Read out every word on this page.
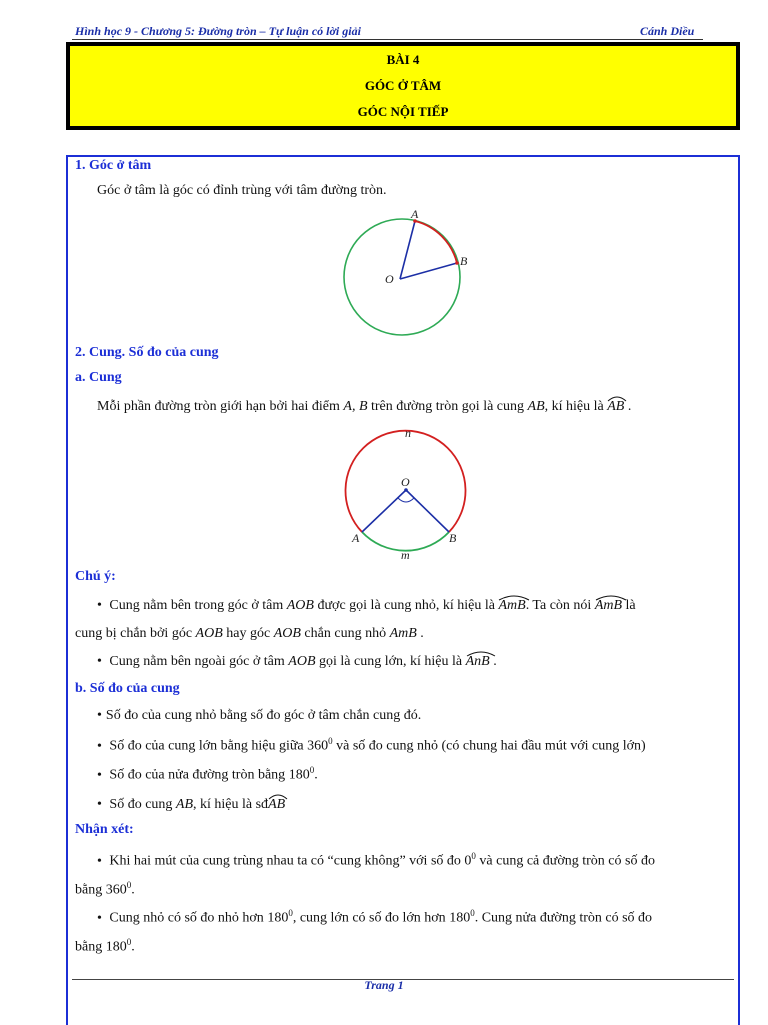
Hình học 9 - Chương 5: Đường tròn – Tự luận có lời giải	Cánh Diều
BÀI 4
GÓC Ở TÂM
GÓC NỘI TIẾP
1. Góc ở tâm
Góc ở tâm là góc có đỉnh trùng với tâm đường tròn.
A
B
O
2. Cung. Số đo của cung
a. Cung
Mỗi phần đường tròn giới hạn bởi hai điểm A, B trên đường tròn gọi là cung AB, kí hiệu là
AB .
n
O
A	B
m
Chú ý:
• Cung nằm bên trong góc ở tâm AOB được gọi là cung nhỏ, kí hiệu là
AmB. Ta còn nói
AmB là
cung bị chắn bởi góc AOB hay góc AOB chắn cung nhỏ AmB .
• Cung nằm bên ngoài góc ở tâm AOB gọi là cung lớn, kí hiệu là
AnB .
b. Số đo của cung
• Số đo của cung nhỏ bằng số đo góc ở tâm chắn cung đó.
• Số đo của cung lớn bằng hiệu giữa $360^0$ và số đo cung nhỏ (có chung hai đầu mút với cung lớn)
• Số đo của nửa đường tròn bằng $180^0$.
• Số đo cung AB, kí hiệu là sđ
AB
Nhận xét:
• Khi hai mút của cung trùng nhau ta có “cung không” với số đo $0^0$ và cung cả đường tròn có số đo
bằng $360^0$.
• Cung nhỏ có số đo nhỏ hơn $180^0$, cung lớn có số đo lớn hơn $180^0$. Cung nửa đường tròn có số đo
bằng $180^0$.
Trang 1
